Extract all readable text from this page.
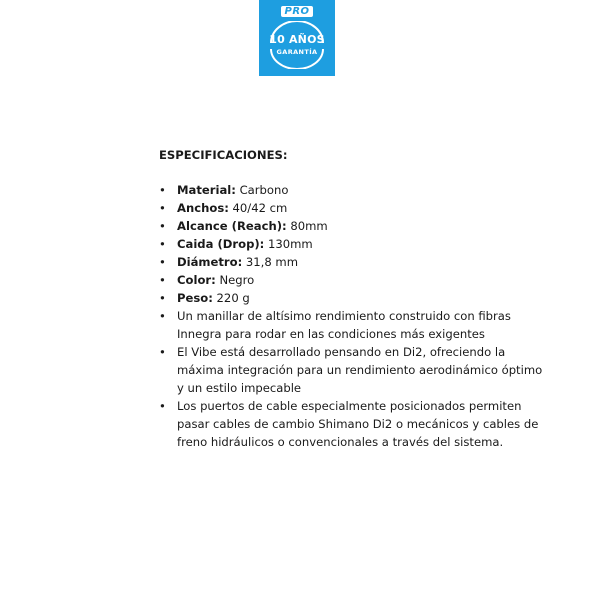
PRO
10 AÑOS
GARANTÍA
ESPECIFICACIONES:
• Material: Carbono
• Anchos: 40/42 cm
• Alcance (Reach): 80mm
• Caida (Drop): 130mm
• Diámetro: 31,8 mm
• Color: Negro
• Peso: 220 g
• Un manillar de altísimo rendimiento construido con fibras Innegra para rodar en las condiciones más exigentes
• El Vibe está desarrollado pensando en Di2, ofreciendo la máxima integración para un rendimiento aerodinámico óptimo y un estilo impecable
• Los puertos de cable especialmente posicionados permiten pasar cables de cambio Shimano Di2 o mecánicos y cables de freno hidráulicos o convencionales a través del sistema.
